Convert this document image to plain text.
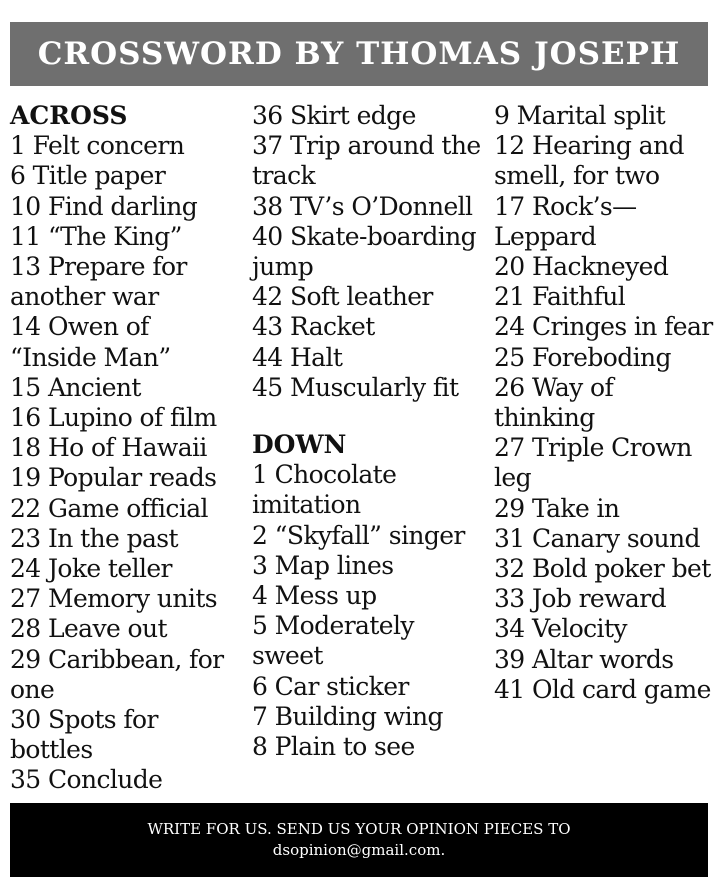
CROSSWORD BY THOMAS JOSEPH
ACROSS
1 Felt concern
6 Title paper
10 Find darling
11 “The King”
13 Prepare for another war
14 Owen of “Inside Man”
15 Ancient
16 Lupino of film
18 Ho of Hawaii
19 Popular reads
22 Game official
23 In the past
24 Joke teller
27 Memory units
28 Leave out
29 Caribbean, for one
30 Spots for bottles
35 Conclude
36 Skirt edge
37 Trip around the track
38 TV’s O’Donnell
40 Skate-boarding jump
42 Soft leather
43 Racket
44 Halt
45 Muscularly fit
DOWN
1 Chocolate imitation
2 “Skyfall” singer
3 Map lines
4 Mess up
5 Moderately sweet
6 Car sticker
7 Building wing
8 Plain to see
9 Marital split
12 Hearing and smell, for two
17 Rock’s— Leppard
20 Hackneyed
21 Faithful
24 Cringes in fear
25 Foreboding
26 Way of thinking
27 Triple Crown leg
29 Take in
31 Canary sound
32 Bold poker bet
33 Job reward
34 Velocity
39 Altar words
41 Old card game
WRITE FOR US. SEND US YOUR OPINION PIECES TO
dsopinion@gmail.com.
